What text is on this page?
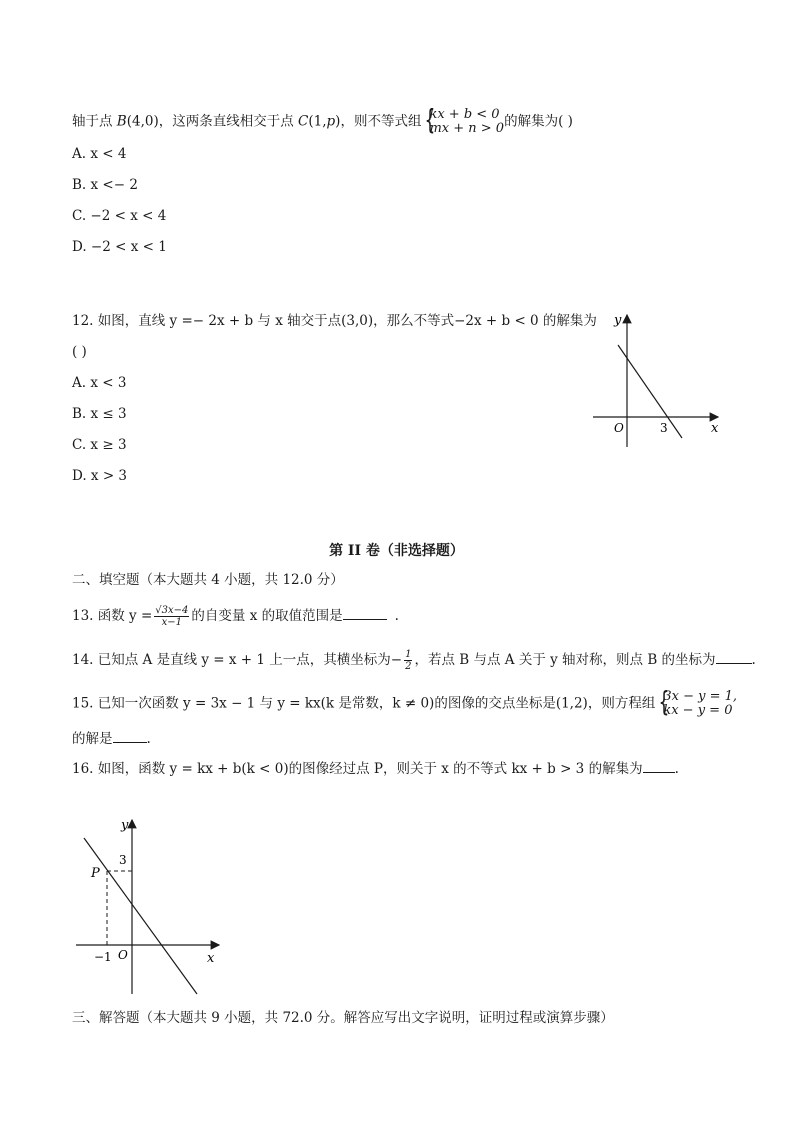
轴于点 B(4,0)，这两条直线相交于点 C(1,p)，则不等式组 {
kx + b < 0
mx + n > 0 的解集为( )
A. x < 4
B. x <− 2
C. −2 < x < 4
D. −2 < x < 1
12. 如图，直线 y =− 2x + b 与 x 轴交于点(3,0)，那么不等式−2x + b < 0 的解集为
( )
A. x < 3
B. x ≤ 3
C. x ≥ 3
D. x > 3
y
x
O	3
第 II 卷（非选择题）
二、填空题（本大题共 4 小题，共 12.0 分）
13. 函数 $y = \frac{√3x-4}{x-1}$ 的自变量 x 的取值范围是	.
14. 已知点 A 是直线 y = x + 1 上一点，其横坐标为− $\frac{1}{2}$ ，若点 B 与点 A 关于 y 轴对称，则点 B 的坐标为	.
15. 已知一次函数 y = 3x − 1 与 y = kx(k 是常数，k ≠ 0)的图像的交点坐标是(1,2)，则方程组 {
3x − y = 1,
kx − y = 0
的解是	.
16. 如图，函数 y = kx + b(k < 0)的图像经过点 P，则关于 x 的不等式 kx + b > 3 的解集为 .
y
x
O
P
3
−1
三、解答题（本大题共 9 小题，共 72.0 分。解答应写出文字说明，证明过程或演算步骤）
